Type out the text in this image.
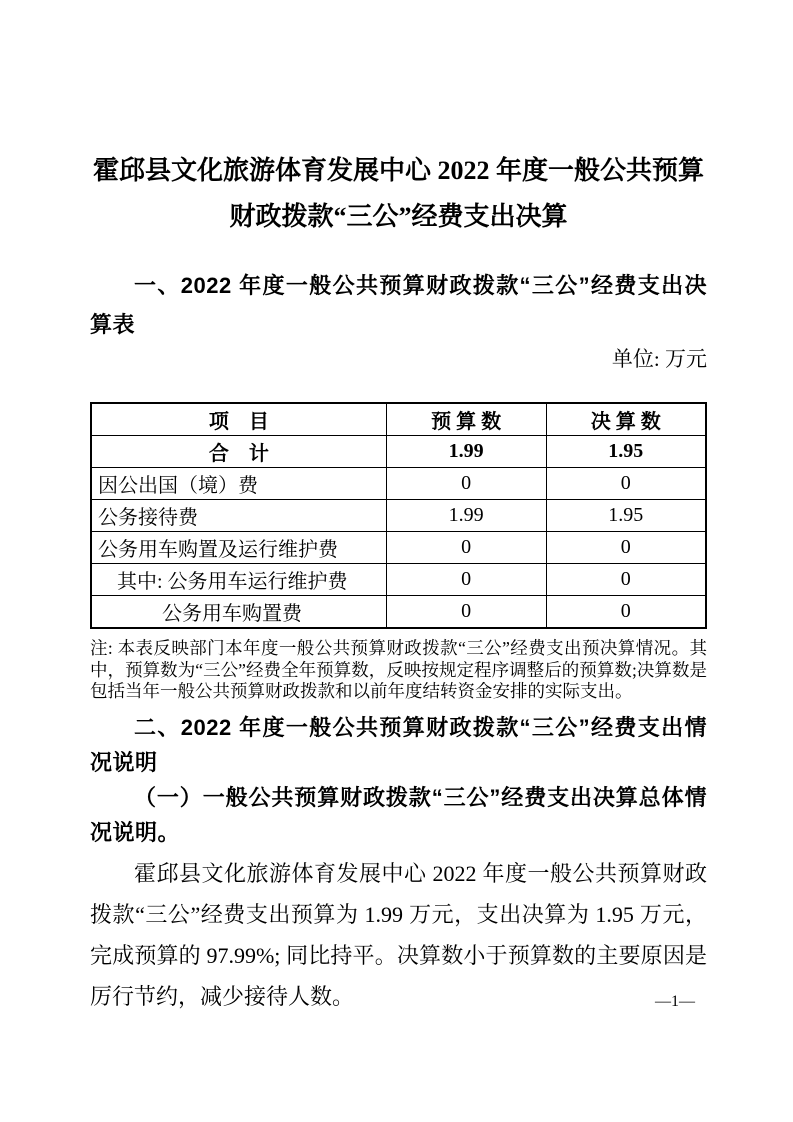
霍邱县文化旅游体育发展中心 2022 年度一般公共预算
财政拨款“三公”经费支出决算

一、2022 年度一般公共预算财政拨款“三公”经费支出决算表

单位: 万元

项　目	预 算 数	决 算 数
合　计	1.99	1.95
因公出国（境）费	0	0
公务接待费	1.99	1.95
公务用车购置及运行维护费	0	0
其中: 公务用车运行维护费	0	0
公务用车购置费	0	0

注: 本表反映部门本年度一般公共预算财政拨款“三公”经费支出预决算情况。其中，预算数为“三公”经费全年预算数，反映按规定程序调整后的预算数;决算数是包括当年一般公共预算财政拨款和以前年度结转资金安排的实际支出。

二、2022 年度一般公共预算财政拨款“三公”经费支出情况说明

（一）一般公共预算财政拨款“三公”经费支出决算总体情况说明。

霍邱县文化旅游体育发展中心 2022 年度一般公共预算财政拨款“三公”经费支出预算为 1.99 万元，支出决算为 1.95 万元，完成预算的 97.99%; 同比持平。决算数小于预算数的主要原因是厉行节约，减少接待人数。	—1—
